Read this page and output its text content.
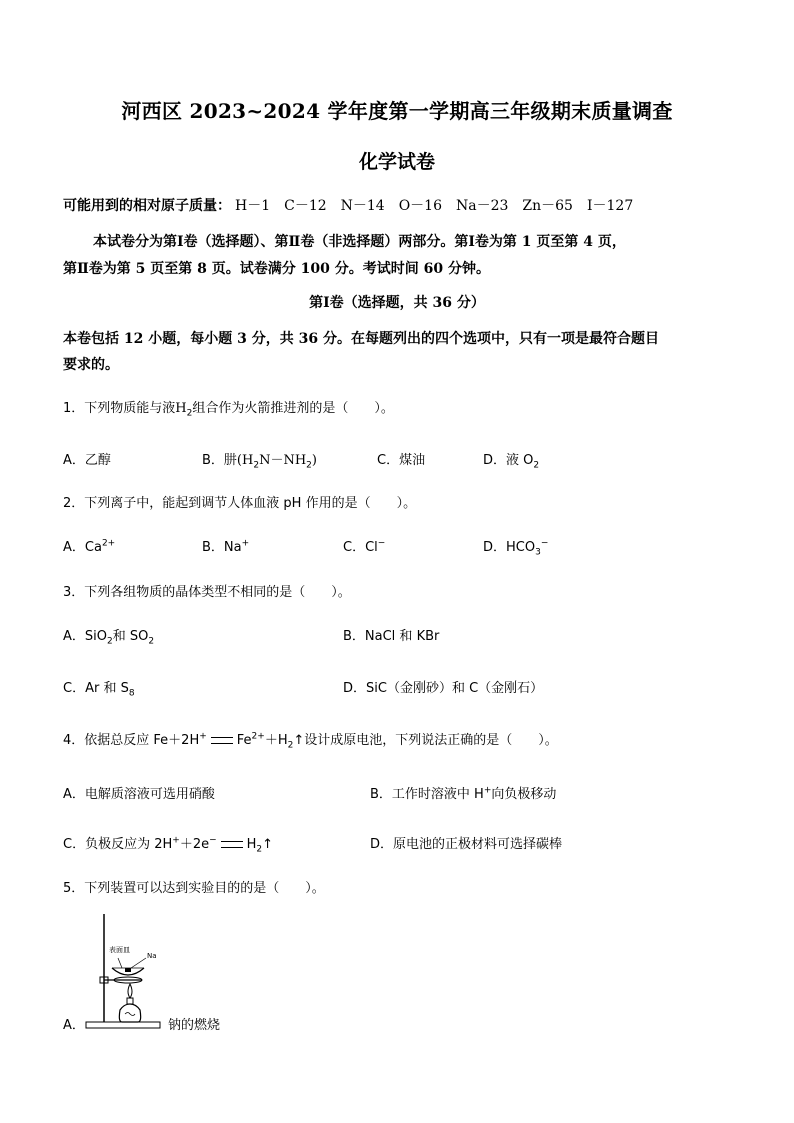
河西区 2023~2024 学年度第一学期高三年级期末质量调查
化学试卷
可能用到的相对原子质量： H－1　C－12　N－14　O－16　Na－23　Zn－65　I－127
本试卷分为第Ⅰ卷（选择题）、第Ⅱ卷（非选择题）两部分。第Ⅰ卷为第 1 页至第 4 页，
第Ⅱ卷为第 5 页至第 8 页。试卷满分 100 分。考试时间 60 分钟。
第Ⅰ卷（选择题，共 36 分）
本卷包括 12 小题，每小题 3 分，共 36 分。在每题列出的四个选项中，只有一项是最符合题目
要求的。
1．下列物质能与液$H_2$组合作为火箭推进剂的是（　　）。
A．乙醇	B．肼$(H_2N-NH_2)$	C．煤油	D．液 $O_2$
2．下列离子中，能起到调节人体血液 pH 作用的是（　　）。
A．$Ca^{2+}$	B．Na+	C．Cl−	D．$HCO_3^-$
3．下列各组物质的晶体类型不相同的是（　　）。
A．SiO$_2$和 $SO_2$	B．NaCl 和 KBr
C．Ar 和 $S_8$	D．SiC（金刚砂）和 C（金刚石）
4．依据总反应 Fe＋2H+ $Fe^{2+}+H_2↑$设计成原电池，下列说法正确的是（　　）。
A．电解质溶液可选用硝酸	B．工作时溶液中 H+向负极移动
C．负极反应为 2H+＋2e− $H_2↑$	D．原电池的正极材料可选择碳棒
5．下列装置可以达到实验目的的是（　　）。
A．
表面皿
Na
钠的燃烧
